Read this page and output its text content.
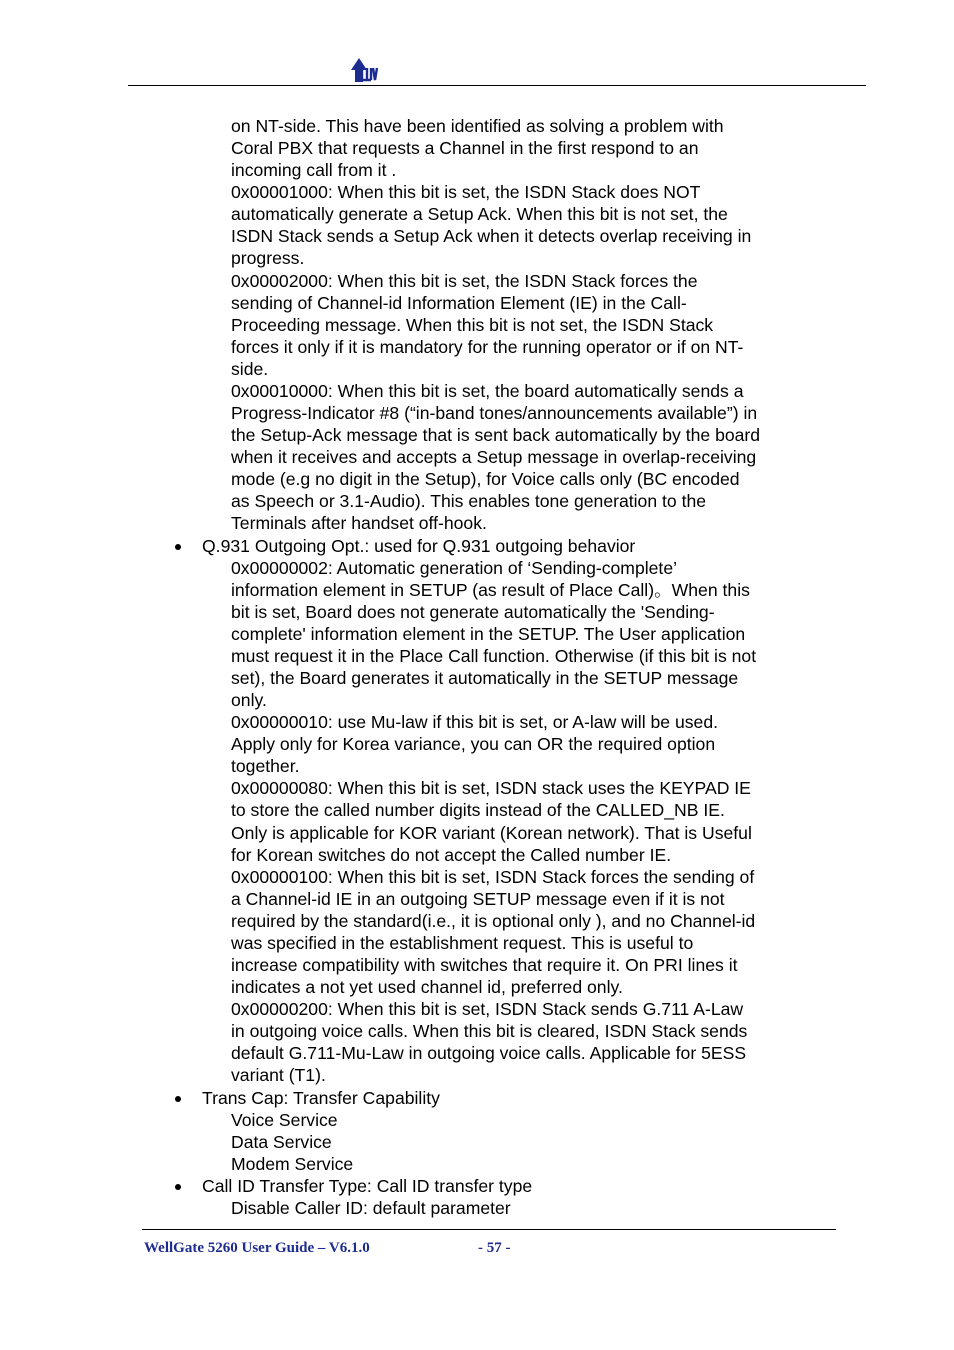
on NT-side. This have been identified as solving a problem with
Coral PBX that requests a Channel in the first respond to an
incoming call from it .
0x00001000: When this bit is set, the ISDN Stack does NOT
automatically generate a Setup Ack. When this bit is not set, the
ISDN Stack sends a Setup Ack when it detects overlap receiving in
progress.
0x00002000: When this bit is set, the ISDN Stack forces the
sending of Channel-id Information Element (IE) in the Call-
Proceeding message. When this bit is not set, the ISDN Stack
forces it only if it is mandatory for the running operator or if on NT-
side.
0x00010000: When this bit is set, the board automatically sends a
Progress-Indicator #8 (“in-band tones/announcements available”) in
the Setup-Ack message that is sent back automatically by the board
when it receives and accepts a Setup message in overlap-receiving
mode (e.g no digit in the Setup), for Voice calls only (BC encoded
as Speech or 3.1-Audio). This enables tone generation to the
Terminals after handset off-hook.
Q.931 Outgoing Opt.: used for Q.931 outgoing behavior
0x00000002: Automatic generation of ‘Sending-complete’
information element in SETUP (as result of Place Call)。When this
bit is set, Board does not generate automatically the 'Sending-
complete' information element in the SETUP. The User application
must request it in the Place Call function. Otherwise (if this bit is not
set), the Board generates it automatically in the SETUP message
only.
0x00000010: use Mu-law if this bit is set, or A-law will be used.
Apply only for Korea variance, you can OR the required option
together.
0x00000080: When this bit is set, ISDN stack uses the KEYPAD IE
to store the called number digits instead of the CALLED_NB IE.
Only is applicable for KOR variant (Korean network). That is Useful
for Korean switches do not accept the Called number IE.
0x00000100: When this bit is set, ISDN Stack forces the sending of
a Channel-id IE in an outgoing SETUP message even if it is not
required by the standard(i.e., it is optional only ), and no Channel-id
was specified in the establishment request. This is useful to
increase compatibility with switches that require it. On PRI lines it
indicates a not yet used channel id, preferred only.
0x00000200: When this bit is set, ISDN Stack sends G.711 A-Law
in outgoing voice calls. When this bit is cleared, ISDN Stack sends
default G.711-Mu-Law in outgoing voice calls. Applicable for 5ESS
variant (T1).
Trans Cap: Transfer Capability
Voice Service
Data Service
Modem Service
Call ID Transfer Type: Call ID transfer type
Disable Caller ID: default parameter
WellGate 5260 User Guide – V6.1.0	- 57 -
